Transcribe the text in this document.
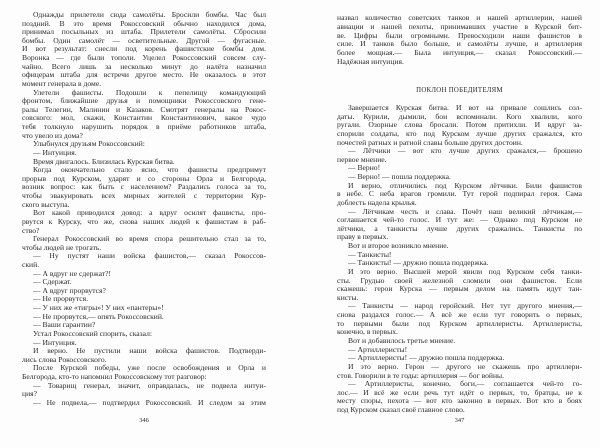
Однажды прилетели сюда самолёты. Бросили бомбы. Час был
поздний. В это время Рокоссовский обычно находился дома,
принимал посыльных из штаба. Прилетели самолёты. Сбросили
бомбы. Один самолёт — осветительные. Другой — фугасные.
И вот результат: снесли под корень фашистские бомбы дом.
Воронка — где были тополи. Уцелел Рокоссовский совсем слу-
чайно. Всего лишь за несколько минут до налёта назначил
офицерам штаба для встречи другое место. Не оказалось в этот
момент генерала в доме.
Улетели фашисты. Подошли к пепелищу командующий
фронтом, ближайшие друзья и помощники Рокоссовского гене-
ралы Телегин, Малинин и Казаков. Смотрят генералы на Рокос-
совского: мол, скажи, Константин Константинович, какое чудо
тебя толкнуло нарушить порядок в приёме работников штаба,
что увело из дома?
Улыбнулся друзьям Рокоссовский:
— Интуиция.
Время двигалось. Близилась Курская битва.
Когда окончательно стало ясно, что фашисты предпримут
прорыв под Курском, ударят и со стороны Орла и Белгорода,
возник вопрос: как быть с населением? Раздались голоса за то,
чтобы эвакуировать всех мирных жителей с территории Кур-
ского выступа.
Вот какой приводился довод: а вдруг осилят фашисты, про-
рвутся к Курску, что же, снова наших людей к фашистам в раб-
ство?
Генерал Рокоссовский во время спора решительно стал за то,
чтобы людей не трогать.
— Ну пустят наши войска фашистов,— сказал Рокоссов-
ский.
— А вдруг не сдержат?!
— Сдержат.
— А вдруг прорвутся?
— Не прорвутся.
— У них же «тигры»! У них «пантеры»!
— Не прорвутся,— опять Рокоссовский.
— Ваши гарантии?
Устал Рокоссовский спорить, сказал:
— Интуиция.
И верно. Не пустили наши войска фашистов. Подтверди-
лись слова Рокоссовского.
После Курской победы, уже после освобождения и Орла и
Белгорода, кто-то напомнил Рокоссовскому тот разговор:
— Товарищ генерал, значит, оправдалась, не подвела интуи-
ция?
— Не подвела,— подтвердил Рокоссовский. И следом за этим
346
назвал количество советских танков и нашей артиллерии, нашей
авиации и нашей пехоты, принимавших участие в Курской бит-
ве. Цифры были огромными. Превосходили наши фашистов в
силе. И танков было больше, и самолёты лучше, и артиллерия
более мощная.— Была интуиция,— сказал Рокоссовский.—
Надёжная интуиция.
ПОКЛОН ПОБЕДИТЕЛЯМ
Завершается Курская битва. И вот на привале сошлись сол-
даты. Курили, дымили, бои вспоминали. Кого хвалили, кого
ругали. Озорные слова бросали. Потом притихли. И вдруг за-
спорили солдаты, кто под Курском лучше других сражался, кто
почестей ратных и ратной славы больше других достоин.
— Лётчики — вот кто лучше других сражался,— брошено
первое мнение.
— Верно!
— Верно! — пошла поддержка.
И верно, отличились под Курском лётчики. Били фашистов
в небе. С неба врагов громили. Тут герой подпирал героя. Сама
доблесть надела крылья.
— Лётчикам честь и слава. Почёт наш великий лётчикам,—
соглашается чей-то голос. И тут же: — Однако под Курском не
лётчики, а танкисты лучше других сражались. Танкисты по
праву в первых.
Вот и второе возникло мнение.
— Танкисты!
— Танкисты! — дружно пошла поддержка.
И это верно. Высшей мерой явили под Курском себя танки-
сты. Грудью своей железной сломили они фашистов. Если
скажешь: герои Курска — первым делом на память идут тан-
кисты.
— Танкисты — народ геройский. Нет тут другого мнения,—
снова раздался голос.— А всё же если тут говорить о первых,
то первыми были под Курском артиллеристы. Артиллеристы,
конечно, в первых.
Вот и добавилось третье мнение.
— Артиллеристы!
— Артиллеристы! — дружно пошла поддержка.
И это верно. Герои — другого не скажешь про артиллери-
стов. Говорили в те годы: артиллерия — бог войны.
— Артиллеристы, конечно, боги,— соглашается чей-то го-
лос.— И всё же если речь тут идёт о первых, то, братцы, не к
месту споры, пехота — вот кто законно в первых. Вот кто в боях
под Курском сказал своё главное слово.
347
